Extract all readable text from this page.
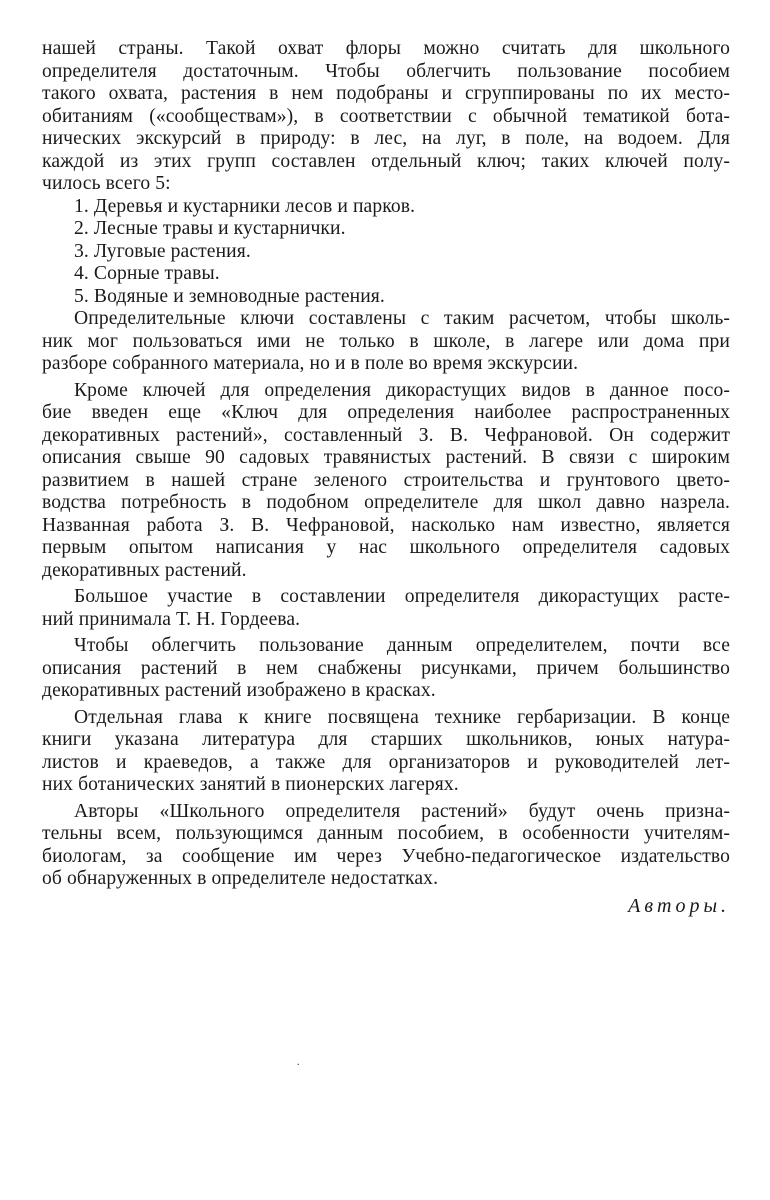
нашей страны. Такой охват флоры можно считать для школьного
определителя достаточным. Чтобы облегчить пользование пособием
такого охвата, растения в нем подобраны и сгруппированы по их место-
обитаниям («сообществам»), в соответствии с обычной тематикой бота-
нических экскурсий в природу: в лес, на луг, в поле, на водоем. Для
каждой из этих групп составлен отдельный ключ; таких ключей полу-
чилось всего 5:
1. Деревья и кустарники лесов и парков.
2. Лесные травы и кустарнички.
3. Луговые растения.
4. Сорные травы.
5. Водяные и земноводные растения.
Определительные ключи составлены с таким расчетом, чтобы школь-
ник мог пользоваться ими не только в школе, в лагере или дома при
разборе собранного материала, но и в поле во время экскурсии.
Кроме ключей для определения дикорастущих видов в данное посо-
бие введен еще «Ключ для определения наиболее распространенных
декоративных растений», составленный З. В. Чефрановой. Он содержит
описания свыше 90 садовых травянистых растений. В связи с широким
развитием в нашей стране зеленого строительства и грунтового цвето-
водства потребность в подобном определителе для школ давно назрела.
Названная работа З. В. Чефрановой, насколько нам известно, является
первым опытом написания у нас школьного определителя садовых
декоративных растений.
Большое участие в составлении определителя дикорастущих расте-
ний принимала Т. Н. Гордеева.
Чтобы облегчить пользование данным определителем, почти все
описания растений в нем снабжены рисунками, причем большинство
декоративных растений изображено в красках.
Отдельная глава к книге посвящена технике гербаризации. В конце
книги указана литература для старших школьников, юных натура-
листов и краеведов, а также для организаторов и руководителей лет-
них ботанических занятий в пионерских лагерях.
Авторы «Школьного определителя растений» будут очень призна-
тельны всем, пользующимся данным пособием, в особенности учителям-
биологам, за сообщение им через Учебно-педагогическое издательство
об обнаруженных в определителе недостатках.
Авторы.
˙
